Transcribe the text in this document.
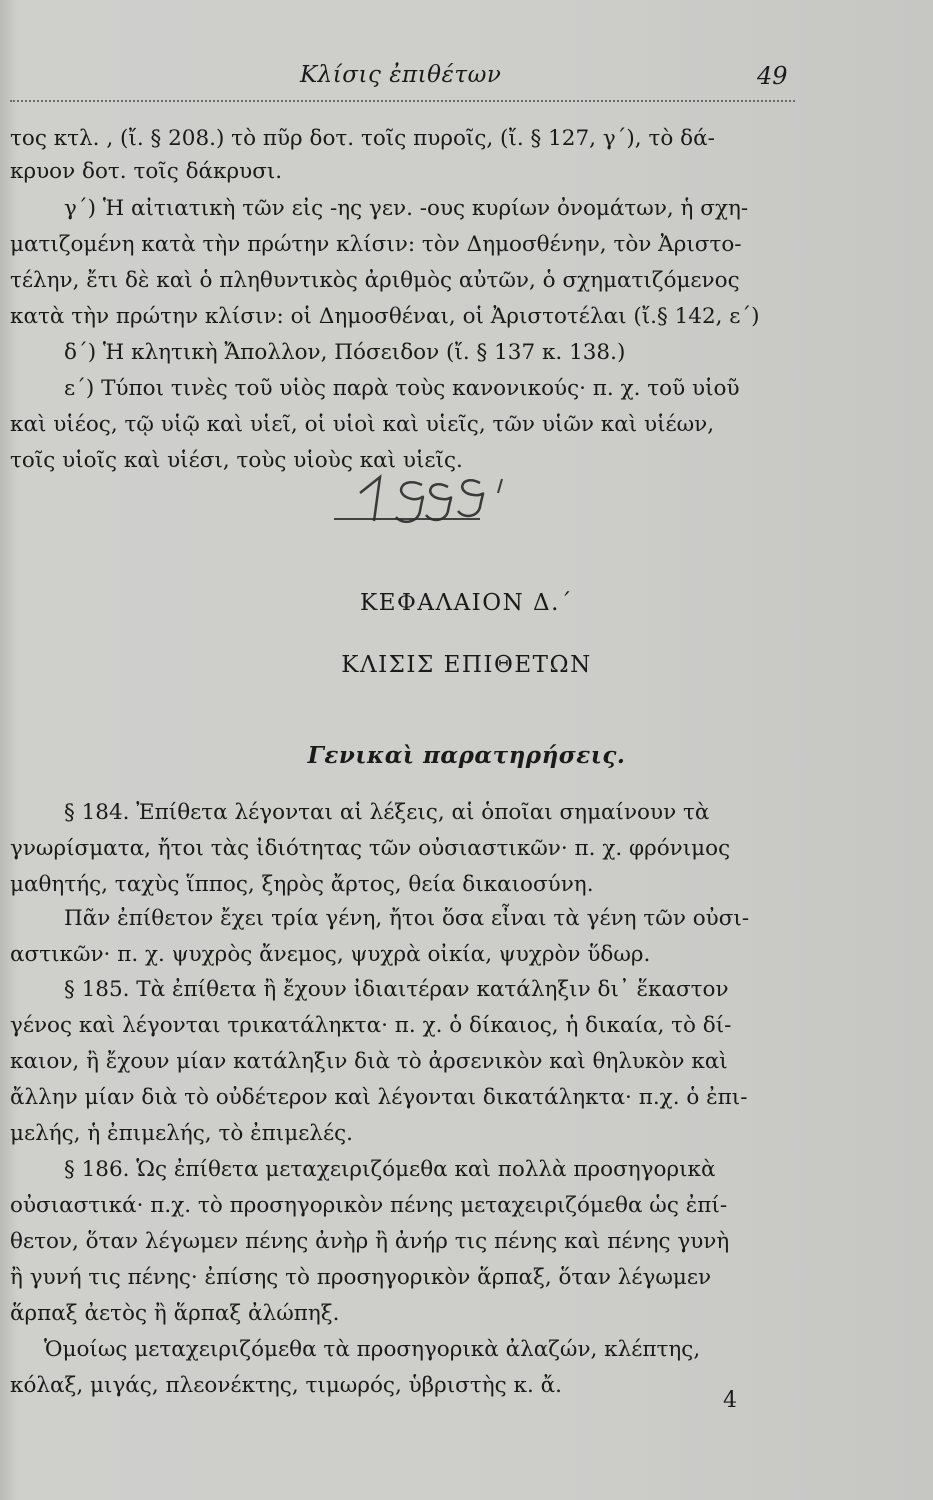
Κλίσις ἐπιθέτων	49
τος κτλ. , (ἴ. § 208.) τὸ πῦρ δοτ. τοῖς πυροῖς, (ἴ. § 127, γ΄), τὸ δά-
κρυον δοτ. τοῖς δάκρυσι.
γ΄) Ἡ αἰτιατικὴ τῶν εἰς -ης γεν. -ους κυρίων ὀνομάτων, ἡ σχη-
ματιζομένη κατὰ τὴν πρώτην κλίσιν: τὸν Δημοσθένην, τὸν Ἀριστο-
τέλην, ἔτι δὲ καὶ ὁ πληθυντικὸς ἀριθμὸς αὐτῶν, ὁ σχηματιζόμενος
κατὰ τὴν πρώτην κλίσιν: οἱ Δημοσθέναι, οἱ Ἀριστοτέλαι (ἴ.§ 142, ε΄)
δ΄) Ἡ κλητικὴ Ἄπολλον, Πόσειδον (ἴ. § 137 κ. 138.)
ε΄) Τύποι τινὲς τοῦ υἱὸς παρὰ τοὺς κανονικούς· π. χ. τοῦ υἱοῦ
καὶ υἱέος, τῷ υἱῷ καὶ υἱεῖ, οἱ υἱοὶ καὶ υἱεῖς, τῶν υἱῶν καὶ υἱέων,
τοῖς υἱοῖς καὶ υἱέσι, τοὺς υἱοὺς καὶ υἱεῖς.
ΚΕΦΑΛΑΙΟΝ Δ.΄
ΚΛΙΣΙΣ ΕΠΙΘΕΤΩΝ
Γενικαὶ παρατηρήσεις.
§ 184. Ἐπίθετα λέγονται αἱ λέξεις, αἱ ὁποῖαι σημαίνουν τὰ
γνωρίσματα, ἤτοι τὰς ἰδιότητας τῶν οὐσιαστικῶν· π. χ. φρόνιμος
μαθητής, ταχὺς ἵππος, ξηρὸς ἄρτος, θεία δικαιοσύνη.
Πᾶν ἐπίθετον ἔχει τρία γένη, ἤτοι ὅσα εἶναι τὰ γένη τῶν οὐσι-
αστικῶν· π. χ. ψυχρὸς ἄνεμος, ψυχρὰ οἰκία, ψυχρὸν ὕδωρ.
§ 185. Τὰ ἐπίθετα ἢ ἔχουν ἰδιαιτέραν κατάληξιν δι᾽ ἕκαστον
γένος καὶ λέγονται τρικατάληκτα· π. χ. ὁ δίκαιος, ἡ δικαία, τὸ δί-
καιον, ἢ ἔχουν μίαν κατάληξιν διὰ τὸ ἀρσενικὸν καὶ θηλυκὸν καὶ
ἄλλην μίαν διὰ τὸ οὐδέτερον καὶ λέγονται δικατάληκτα· π.χ. ὁ ἐπι-
μελής, ἡ ἐπιμελής, τὸ ἐπιμελές.
§ 186. Ὡς ἐπίθετα μεταχειριζόμεθα καὶ πολλὰ προσηγορικὰ
οὐσιαστικά· π.χ. τὸ προσηγορικὸν πένης μεταχειριζόμεθα ὡς ἐπί-
θετον, ὅταν λέγωμεν πένης ἀνὴρ ἢ ἀνήρ τις πένης καὶ πένης γυνὴ
ἢ γυνή τις πένης· ἐπίσης τὸ προσηγορικὸν ἅρπαξ, ὅταν λέγωμεν
ἅρπαξ ἀετὸς ἢ ἅρπαξ ἀλώπηξ.
Ὁμοίως μεταχειριζόμεθα τὰ προσηγορικὰ ἀλαζών, κλέπτης,
κόλαξ, μιγάς, πλεονέκτης, τιμωρός, ὑβριστὴς κ. ἄ.
4
